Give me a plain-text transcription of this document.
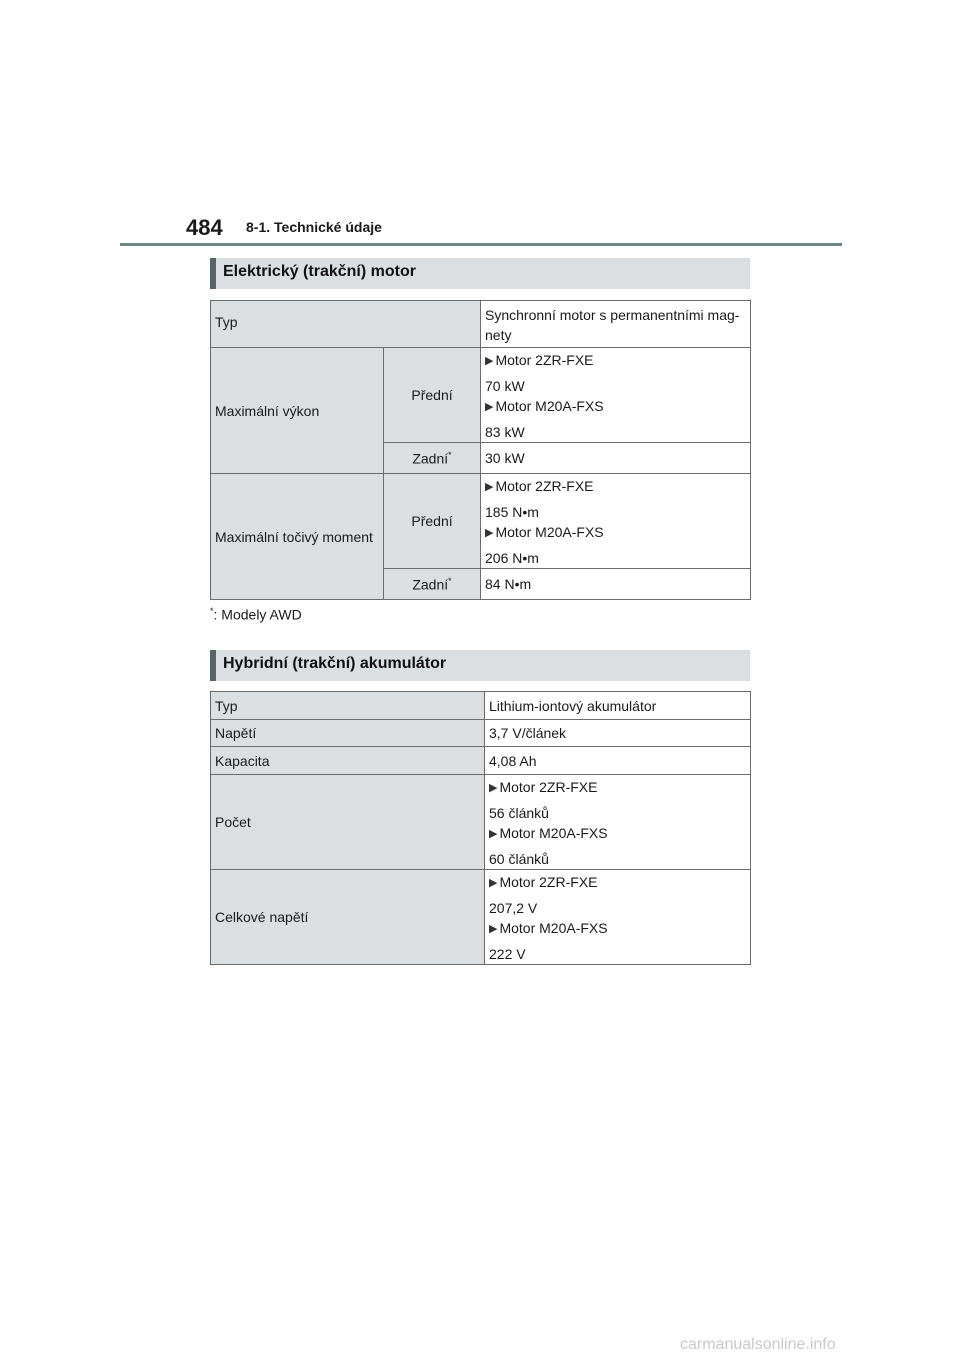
484 8-1. Technické údaje
Elektrický (trakční) motor
Typ		Synchronní motor s permanentními mag-
nety

Maximální výkon	Přední	▶ Motor 2ZR-FXE
70 kW
▶ Motor M20A-FXS
83 kW

	Zadní*	30 kW
Maximální točivý moment	Přední	▶ Motor 2ZR-FXE
185 N•m
▶ Motor M20A-FXS
206 N•m

	Zadní*	84 N•m
*: Modely AWD
Hybridní (trakční) akumulátor
Typ	Lithium-iontový akumulátor
Napětí	3,7 V/článek
Kapacita	4,08 Ah
Počet	▶ Motor 2ZR-FXE
56 článků
▶ Motor M20A-FXS
60 článků

Celkové napětí	▶ Motor 2ZR-FXE
207,2 V
▶ Motor M20A-FXS
222 V
carmanualsonline.info
